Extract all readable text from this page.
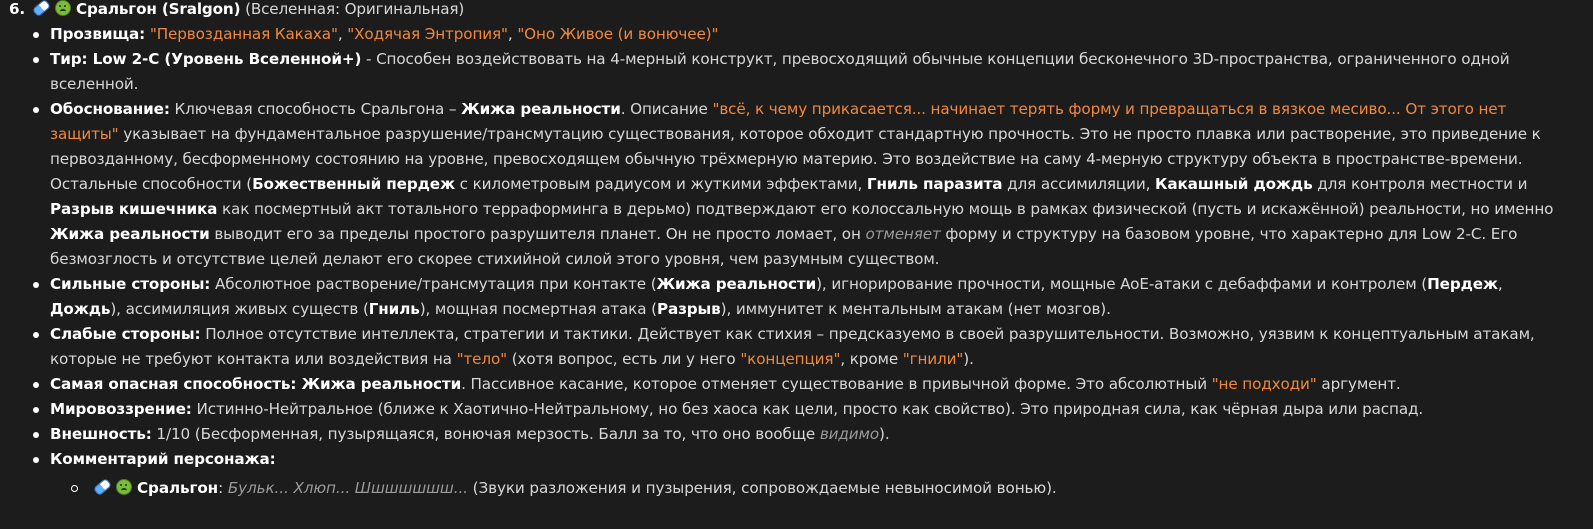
6.	Сральгон (Sralgon) (Вселенная: Оригинальная)
Прозвища: "Первозданная Какаха", "Ходячая Энтропия", "Оно Живое (и вонючее)"
Тир: Low 2-C (Уровень Вселенной+) - Способен воздействовать на 4-мерный конструкт, превосходящий обычные концепции бесконечного 3D-пространства, ограниченного одной вселенной.
Обоснование: Ключевая способность Сральгона – Жижа реальности. Описание "всё, к чему прикасается... начинает терять форму и превращаться в вязкое месиво... От этого нет защиты" указывает на фундаментальное разрушение/трансмутацию существования, которое обходит стандартную прочность. Это не просто плавка или растворение, это приведение к первозданному, бесформенному состоянию на уровне, превосходящем обычную трёхмерную материю. Это воздействие на саму 4-мерную структуру объекта в пространстве-времени. Остальные способности (Божественный пердеж с километровым радиусом и жуткими эффектами, Гниль паразита для ассимиляции, Какашный дождь для контроля местности и Разрыв кишечника как посмертный акт тотального терраформинга в дерьмо) подтверждают его колоссальную мощь в рамках физической (пусть и искажённой) реальности, но именно Жижа реальности выводит его за пределы простого разрушителя планет. Он не просто ломает, он отменяет форму и структуру на базовом уровне, что характерно для Low 2-C. Его безмозглость и отсутствие целей делают его скорее стихийной силой этого уровня, чем разумным существом.
Сильные стороны: Абсолютное растворение/трансмутация при контакте (Жижа реальности), игнорирование прочности, мощные AoE-атаки с дебаффами и контролем (Пердеж, Дождь), ассимиляция живых существ (Гниль), мощная посмертная атака (Разрыв), иммунитет к ментальным атакам (нет мозгов).
Слабые стороны: Полное отсутствие интеллекта, стратегии и тактики. Действует как стихия – предсказуемо в своей разрушительности. Возможно, уязвим к концептуальным атакам, которые не требуют контакта или воздействия на "тело" (хотя вопрос, есть ли у него "концепция", кроме "гнили").
Самая опасная способность: Жижа реальности. Пассивное касание, которое отменяет существование в привычной форме. Это абсолютный "не подходи" аргумент.
Мировоззрение: Истинно-Нейтральное (ближе к Хаотично-Нейтральному, но без хаоса как цели, просто как свойство). Это природная сила, как чёрная дыра или распад.
Внешность: 1/10 (Бесформенная, пузырящаяся, вонючая мерзость. Балл за то, что оно вообще видимо).
Комментарий персонажа:
Сральгон: Бульк... Хлюп... Шшшшшшш... (Звуки разложения и пузырения, сопровождаемые невыносимой вонью).
